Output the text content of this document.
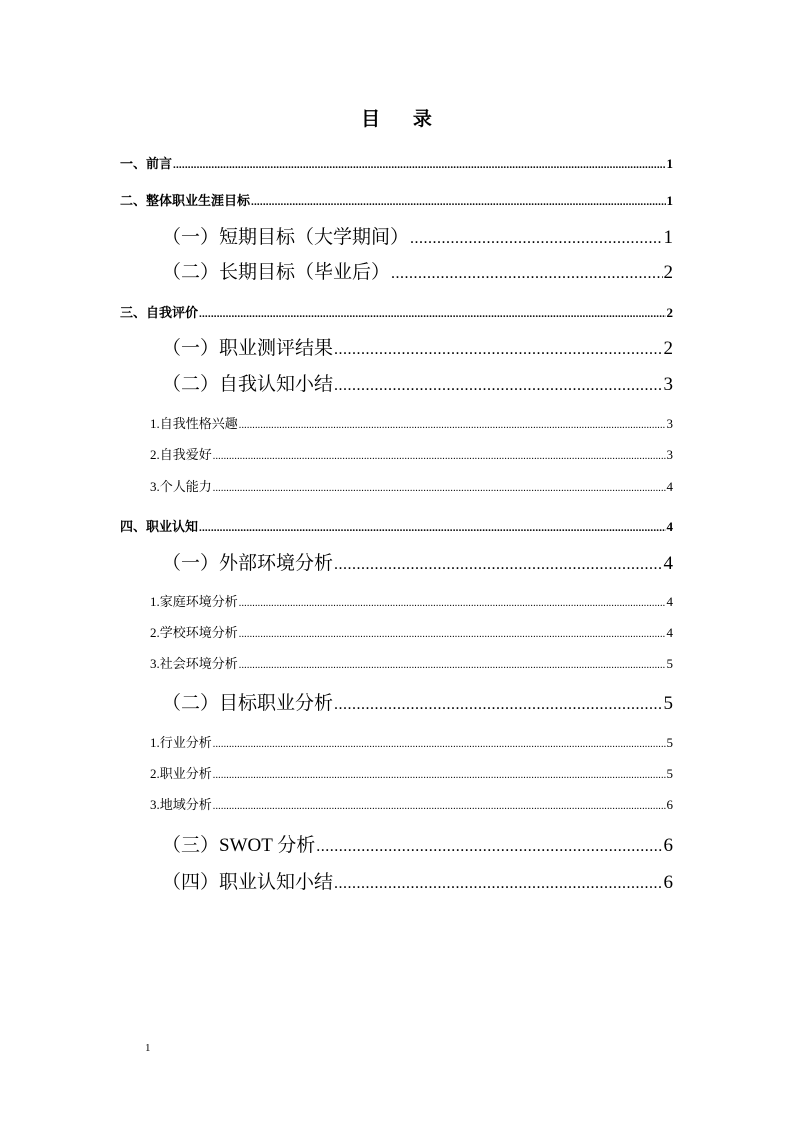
目 录
一、前言 .....	1
二、整体职业生涯目标 .....	1
（一）短期目标（大学期间） .....	1
（二）长期目标（毕业后） .....	2
三、自我评价 .....	2
（一）职业测评结果 .....	2
（二）自我认知小结 .....	3
1.自我性格兴趣 .....	3
2.自我爱好 .....	3
3.个人能力 .....	4
四、职业认知 .....	4
（一）外部环境分析 .....	4
1.家庭环境分析 .....	4
2.学校环境分析 .....	4
3.社会环境分析 .....	5
（二）目标职业分析 .....	5
1.行业分析 .....	5
2.职业分析 .....	5
3.地域分析 .....	6
（三）SWOT 分析 .....	6
（四）职业认知小结 .....	6
1
